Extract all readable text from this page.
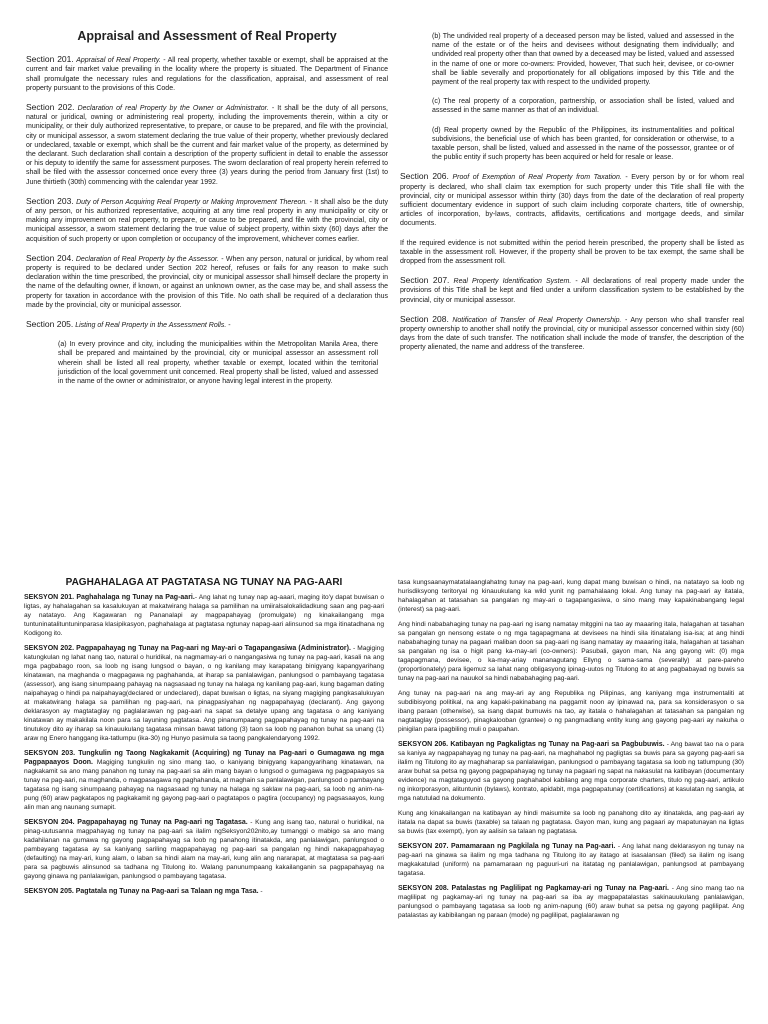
Appraisal and Assessment of Real Property

Section 201. Appraisal of Real Property. - All real property, whether taxable or exempt, shall be appraised at the current and fair market value prevailing in the locality where the property is situated. The Department of Finance shall promulgate the necessary rules and regulations for the classification, appraisal, and assessment of real property pursuant to the provisions of this Code.

Section 202. Declaration of real Property by the Owner or Administrator. - It shall be the duty of all persons, natural or juridical, owning or administering real property, including the improvements therein, within a city or municipality, or their duly authorized representative, to prepare, or cause to be prepared, and file with the provincial, city or municipal assessor, a sworn statement declaring the true value of their property, whether previously declared or undeclared, taxable or exempt, which shall be the current and fair market value of the property, as determined by the declarant. Such declaration shall contain a description of the property sufficient in detail to enable the assessor or his deputy to identify the same for assessment purposes. The sworn declaration of real property herein referred to shall be filed with the assessor concerned once every three (3) years during the period from January first (1st) to June thirtieth (30th) commencing with the calendar year 1992.

Section 203. Duty of Person Acquiring Real Property or Making Improvement Thereon. - It shall also be the duty of any person, or his authorized representative, acquiring at any time real property in any municipality or city or making any improvement on real property, to prepare, or cause to be prepared, and file with the provincial, city or municipal assessor, a sworn statement declaring the true value of subject property, within sixty (60) days after the acquisition of such property or upon completion or occupancy of the improvement, whichever comes earlier.

Section 204. Declaration of Real Property by the Assessor. - When any person, natural or juridical, by whom real property is required to be declared under Section 202 hereof, refuses or fails for any reason to make such declaration within the time prescribed, the provincial, city or municipal assessor shall himself declare the property in the name of the defaulting owner, if known, or against an unknown owner, as the case may be, and shall assess the property for taxation in accordance with the provision of this Title. No oath shall be required of a declaration thus made by the provincial, city or municipal assessor.

Section 205. Listing of Real Property in the Assessment Rolls. -

(a) In every province and city, including the municipalities within the Metropolitan Manila Area, there shall be prepared and maintained by the provincial, city or municipal assessor an assessment roll wherein shall be listed all real property, whether taxable or exempt, located within the territorial jurisdiction of the local government unit concerned. Real property shall be listed, valued and assessed in the name of the owner or administrator, or anyone having legal interest in the property.

(b) The undivided real property of a deceased person may be listed, valued and assessed in the name of the estate or of the heirs and devisees without designating them individually; and undivided real property other than that owned by a deceased may be listed, valued and assessed in the name of one or more co-owners: Provided, however, That such heir, devisee, or co-owner shall be liable severally and proportionately for all obligations imposed by this Title and the payment of the real property tax with respect to the undivided property.

(c) The real property of a corporation, partnership, or association shall be listed, valued and assessed in the same manner as that of an individual.

(d) Real property owned by the Republic of the Philippines, its instrumentalities and political subdivisions, the beneficial use of which has been granted, for consideration or otherwise, to a taxable person, shall be listed, valued and assessed in the name of the possessor, grantee or of the public entity if such property has been acquired or held for resale or lease.

Section 206. Proof of Exemption of Real Property from Taxation. - Every person by or for whom real property is declared, who shall claim tax exemption for such property under this Title shall file with the provincial, city or municipal assessor within thirty (30) days from the date of the declaration of real property sufficient documentary evidence in support of such claim including corporate charters, title of ownership, articles of incorporation, by-laws, contracts, affidavits, certifications and mortgage deeds, and similar documents.

If the required evidence is not submitted within the period herein prescribed, the property shall be listed as taxable in the assessment roll. However, if the property shall be proven to be tax exempt, the same shall be dropped from the assessment roll.

Section 207. Real Property Identification System. - All declarations of real property made under the provisions of this Title shall be kept and filed under a uniform classification system to be established by the provincial, city or municipal assessor.

Section 208. Notification of Transfer of Real Property Ownership. - Any person who shall transfer real property ownership to another shall notify the provincial, city or municipal assessor concerned within sixty (60) days from the date of such transfer. The notification shall include the mode of transfer, the description of the property alienated, the name and address of the transferee.

PAGHAHALAGA AT PAGTATASA NG TUNAY NA PAG-AARI

SEKSYON 201. Paghahalaga ng Tunay na Pag-aari.- Ang lahat ng tunay nap ag-aaari, maging ito'y dapat buwisan o ligtas, ay hahalagahan sa kasalukuyan at makatwirang halaga sa pamilihan na umiiralsalokalidadkung saan ang pag-aari ay natatayo. Ang Kagawaran ng Pananalapi ay magpapahayag (promulgate) ng kinakailangang mga tuntuninatalituntuninparasa klasipikasyon, paghahalaga at pagtatasa ngtunay napag-aari alinsunod sa mga itinatadhana ng Kodigong ito.

SEKSYON 202. Pagpapahayag ng Tunay na Pag-aari ng May-ari o Tagapangasiwa (Administrator). - Magiging katungkulan ng lahat nang tao, natural o huridikal, na nagmamay-ari o nangangasiwa ng tunay na pag-aari, kasali na ang mga pagbabago roon, sa loob ng isang lungsod o bayan, o ng kanilang may karapatang binigyang kapangyarihang kinatawan, na maghanda o magpagawa ng paghahanda, at iharap sa panlalawigan, panlungsod o pambayang tagatasa (assessor), ang isang sinumpaang pahayag na nagsasaad ng tunay na halaga ng kanilang pag-aari, kung bagaman dating naipahayag o hindi pa naipahayag(declared or undeclared), dapat buwisan o ligtas, na siyang magiging pangkasalukuyan at makatwirang halaga sa pamilihan ng pag-aari, na pinagpasiyahan ng nagpapahayag (declarant). Ang gayong deklarasyon ay magtataglay ng paglalarawan ng pag-aari na sapat sa detalye upang ang tagatasa o ang kaniyang kinatawan ay makakilala noon para sa layuning pagtatasa. Ang pinanumpaang pagpapahayag ng tunay na pag-aari na tinutukoy dito ay iharap sa kinauukulang tagatasa minsan bawat tatlong (3) taon sa loob ng panahon buhat sa unang (1) araw ng Enero hanggang ika-tatlumpu (ika-30) ng Hunyo pasimula sa taong pangkalendaryong 1992.

SEKSYON 203. Tungkulin ng Taong Nagkakamit (Acquiring) ng Tunay na Pag-aari o Gumagawa ng mga Pagpapaayos Doon. Magiging tungkulin ng sino mang tao, o kaniyang binigyang kapangyarihang kinatawan, na nagkakamit sa ano mang panahon ng tunay na pag-aari sa alin mang bayan o lungsod o gumagawa ng pagpapaayos sa tunay na pag-aari, na maghanda, o magpasagawa ng paghahanda, at maghain sa panlalawigan, panlungsod o pambayang tagatasa ng isang sinumpaang pahayag na nagsasaad ng tunay na halaga ng saklaw na pag-aari, sa loob ng anim-na-pung (60) araw pagkatapos ng pagkakamit ng gayong pag-aari o pagtatapos o pagtira (occupancy) ng pagsasaayos, kung alin man ang naunang sumapit.

SEKSYON 204. Pagpapahayag ng Tunay na Pag-aari ng Tagatasa. - Kung ang isang tao, natural o huridikal, na pinag-uutusanna magpahayag ng tunay na pag-aari sa ilalim ngSeksyon202nito,ay tumanggi o mabigo sa ano mang kadahilanan na gumawa ng gayong pagpapahayag sa loob ng panahong itinatakda, ang panlalawigan, panlungsod o pambayang tagatasa ay sa kaniyang sariling magpapahayag ng pag-aari sa pangalan ng hindi nakapagpahayag (defaulting) na may-ari, kung alam, o laban sa hindi alam na may-ari, kung alin ang nararapat, at magtatasa sa pag-aari para sa pagbuwis alinsunod sa tadhana ng Titulong ito. Walang panunumpaang kakailanganin sa pagpapahayag na gayong ginawa ng panlalawigan, panlungsod o pambayang tagatasa.

SEKSYON 205. Pagtatala ng Tunay na Pag-aari sa Talaan ng mga Tasa. -

tasa kungsaanaymatatalaanglahatng tunay na pag-aari, kung dapat mang buwisan o hindi, na natatayo sa loob ng hurisdiksyong teritoryal ng kinauukulang ka wild yunit ng pamahalaang lokal. Ang tunay na pag-aari ay itatala, hahalagahan at tatasahan sa pangalan ng may-ari o tagapangasiwa, o sino mang may kapakinabangang legal (interest) sa pag-aari.

Ang hindi nababahaging tunay na pag-aari ng isang namatay mitggini na tao ay maaaring itala, halagahan at tasahan sa pangalan gn nensong estate o ng mga tagapagmana at devisees na hindi sila itinatalang isa-isa; at ang hindi nababahaging tunay na pagaari maliban doon sa pag-aari ng isang namatay ay maaaring itala, halagahan at tasahan sa pangalan ng isa o higit pang ka-may-ari (co-owners): Pasubali, gayon man, Na ang gayong wit: (0) mga tagapagmana, devisee, o ka-may-ariay mananagutang Ellyng o sama-sama (severally) at pare-pareho (proportionately) para ligemuz sa lahat nang obligasyong ipinag-uutos ng Titulong ito at ang pagbabayad ng buwis sa tunay na pag-aari na nauukol sa hindi nababahaging pag-aari.

Ang tunay na pag-aari na ang may-ari ay ang Republika ng Pilipinas, ang kaniyang mga instrumentaliti at subdibisyong politikal, na ang kapaki-pakinabang na paggamit noon ay ipinawad na, para sa konsiderasyon o sa ibang paraan (otherwise), sa isang dapat bumuwis na tao, ay itatala o hahalagahan at tatasahan sa pangalan ng nagtataglay (possessor), pinagkalooban (grantee) o ng pangmadlang entity kung ang gayong pag-aari ay nakuha o pinigilan para ipagbiling muli o paupahan.

SEKSYON 206. Katibayan ng Pagkaligtas ng Tunay na Pag-aari sa Pagbubuwis. - Ang bawat tao na o para sa kaniya ay nagpapahayag ng tunay na pag-aari, na maghahabol ng pagligtas sa buwis para sa gayong pag-aari sa ilalim ng Titulong ito ay maghaharap sa panlalawigan, panlungsod o pambayang tagatasa sa loob ng tatlumpung (30) araw buhat sa petsa ng gayong pagpapahayag ng tunay na pagaari ng sapat na nakasulat na katibayan (documentary evidence) na magtataguyod sa gayong paghahabol kabilang ang mga corporate charters, titulo ng pag-aari, artikulo ng inkorporasyon, alituntunin (bylaws), kontrato, apidabit, mga pagpapatunay (certifications) at kasulatan ng sangla, at mga natutulad na dokumento.

Kung ang kinakailangan na katibayan ay hindi maisumite sa loob ng panahong dito ay itinatakda, ang pag-aari ay itatala na dapat sa buwis (taxable) sa talaan ng pagtatasa. Gayon man, kung ang pagaari ay mapatunayan na ligtas sa buwis (tax exempt), iyon ay aalisin sa talaan ng pagtatasa.

SEKSYON 207. Pamamaraan ng Pagkilala ng Tunay na Pag-aari. - Ang lahat nang deklarasyon ng tunay na pag-aari na ginawa sa ilalim ng mga tadhana ng Titulong ito ay itatago at isasalansan (filed) sa ilalim ng isang magkakatulad (uniform) na pamamaraan ng paguuri-uri na itatatag ng panlalawigan, panlungsod at pambayang tagatasa.

SEKSYON 208. Patalastas ng Paglilipat ng Pagkamay-ari ng Tunay na Pag-aari. - Ang sino mang tao na maglilipat ng pagkamay-ari ng tunay na pag-aari sa iba ay magpapatalastas sakinauukulang panlalawigan, panlungsod o pambayang tagatasa sa loob ng anim-napung (60) araw buhat sa petsa ng gayong paglilipat. Ang patalastas ay kabibilangan ng paraan (mode) ng paglilipat, paglalarawan ng
